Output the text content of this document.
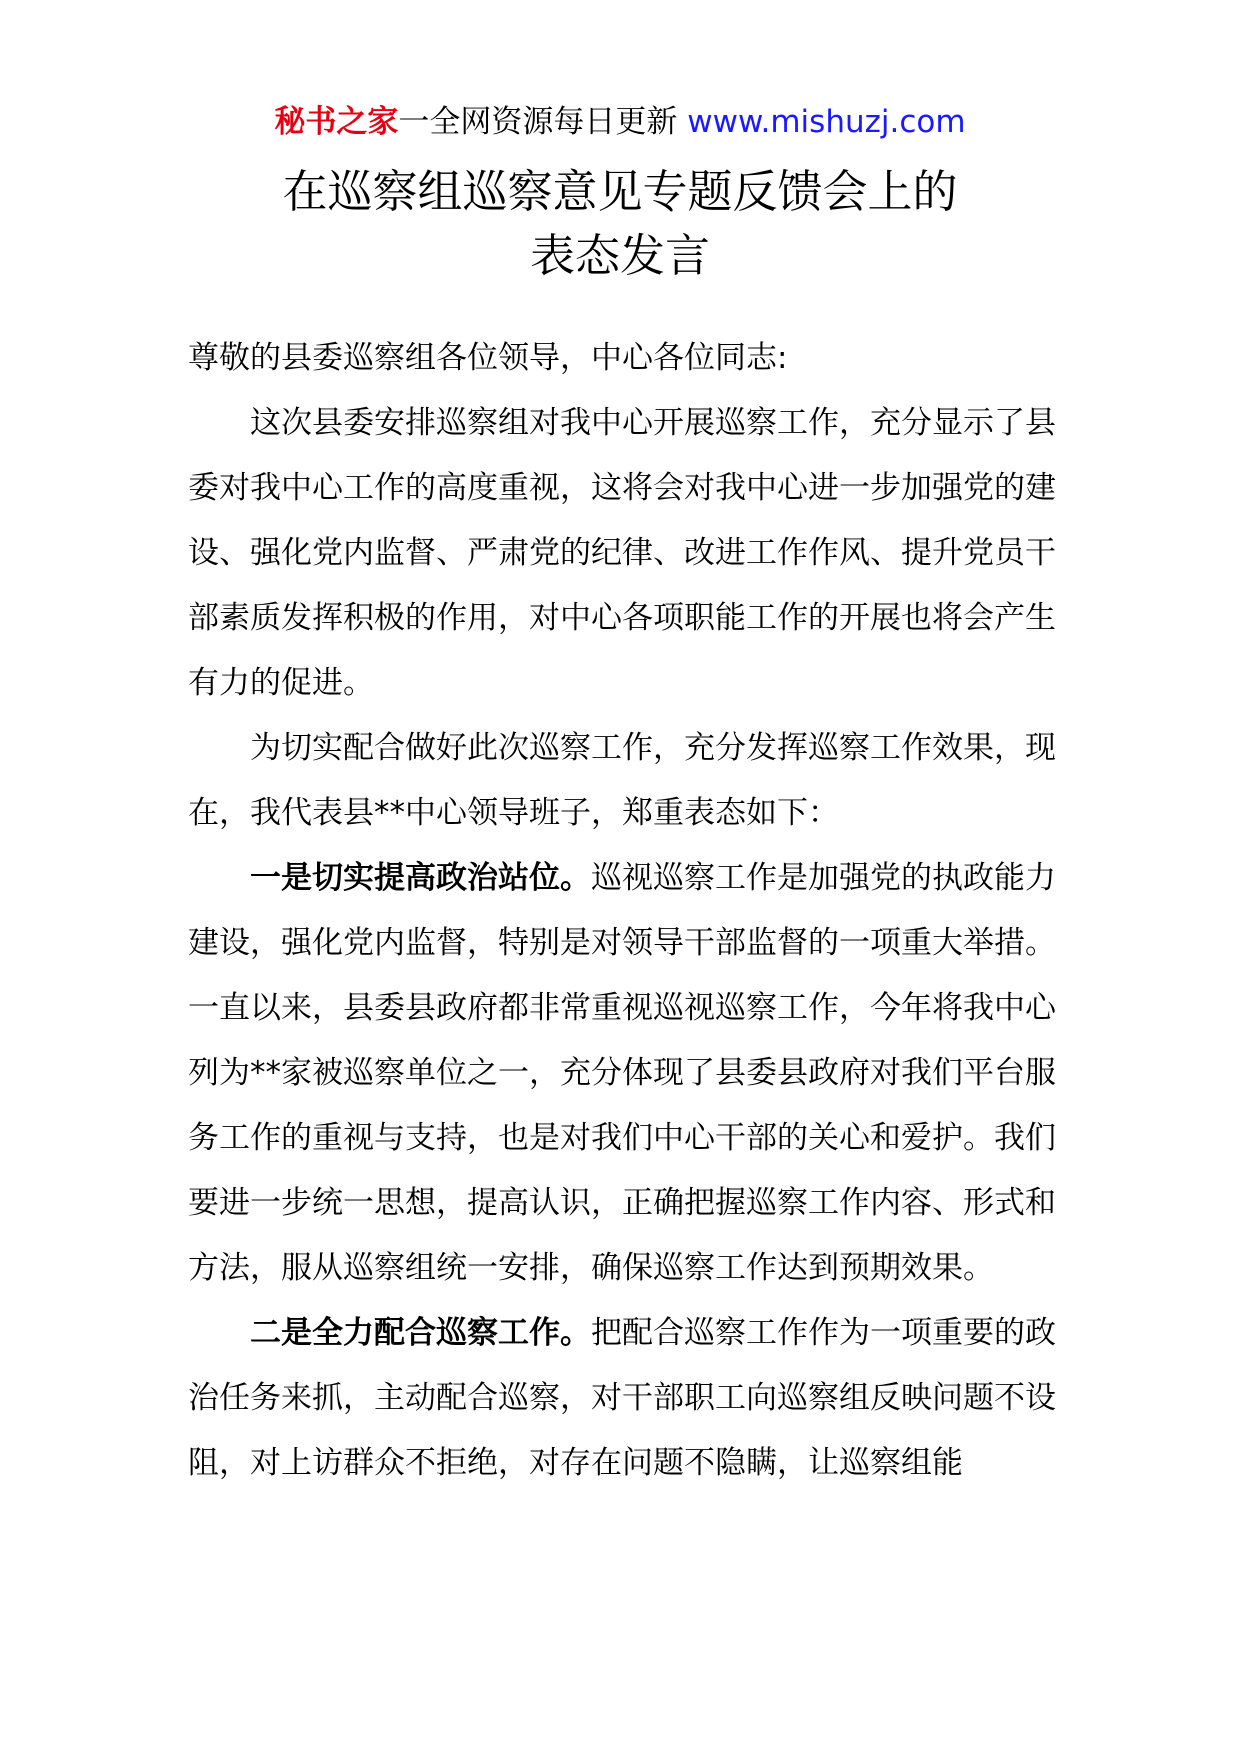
秘书之家一全网资源每日更新 www.mishuzj.com
在巡察组巡察意见专题反馈会上的
表态发言

尊敬的县委巡察组各位领导，中心各位同志:

这次县委安排巡察组对我中心开展巡察工作，充分显示了县委对我中心工作的高度重视，这将会对我中心进一步加强党的建设、强化党内监督、严肃党的纪律、改进工作作风、提升党员干部素质发挥积极的作用，对中心各项职能工作的开展也将会产生有力的促进。

为切实配合做好此次巡察工作，充分发挥巡察工作效果，现在，我代表县**中心领导班子，郑重表态如下：

一是切实提高政治站位。巡视巡察工作是加强党的执政能力建设，强化党内监督，特别是对领导干部监督的一项重大举措。一直以来，县委县政府都非常重视巡视巡察工作，今年将我中心列为**家被巡察单位之一，充分体现了县委县政府对我们平台服务工作的重视与支持，也是对我们中心干部的关心和爱护。我们要进一步统一思想，提高认识，正确把握巡察工作内容、形式和方法，服从巡察组统一安排，确保巡察工作达到预期效果。

二是全力配合巡察工作。把配合巡察工作作为一项重要的政治任务来抓，主动配合巡察，对干部职工向巡察组反映问题不设阻，对上访群众不拒绝，对存在问题不隐瞒，让巡察组能
